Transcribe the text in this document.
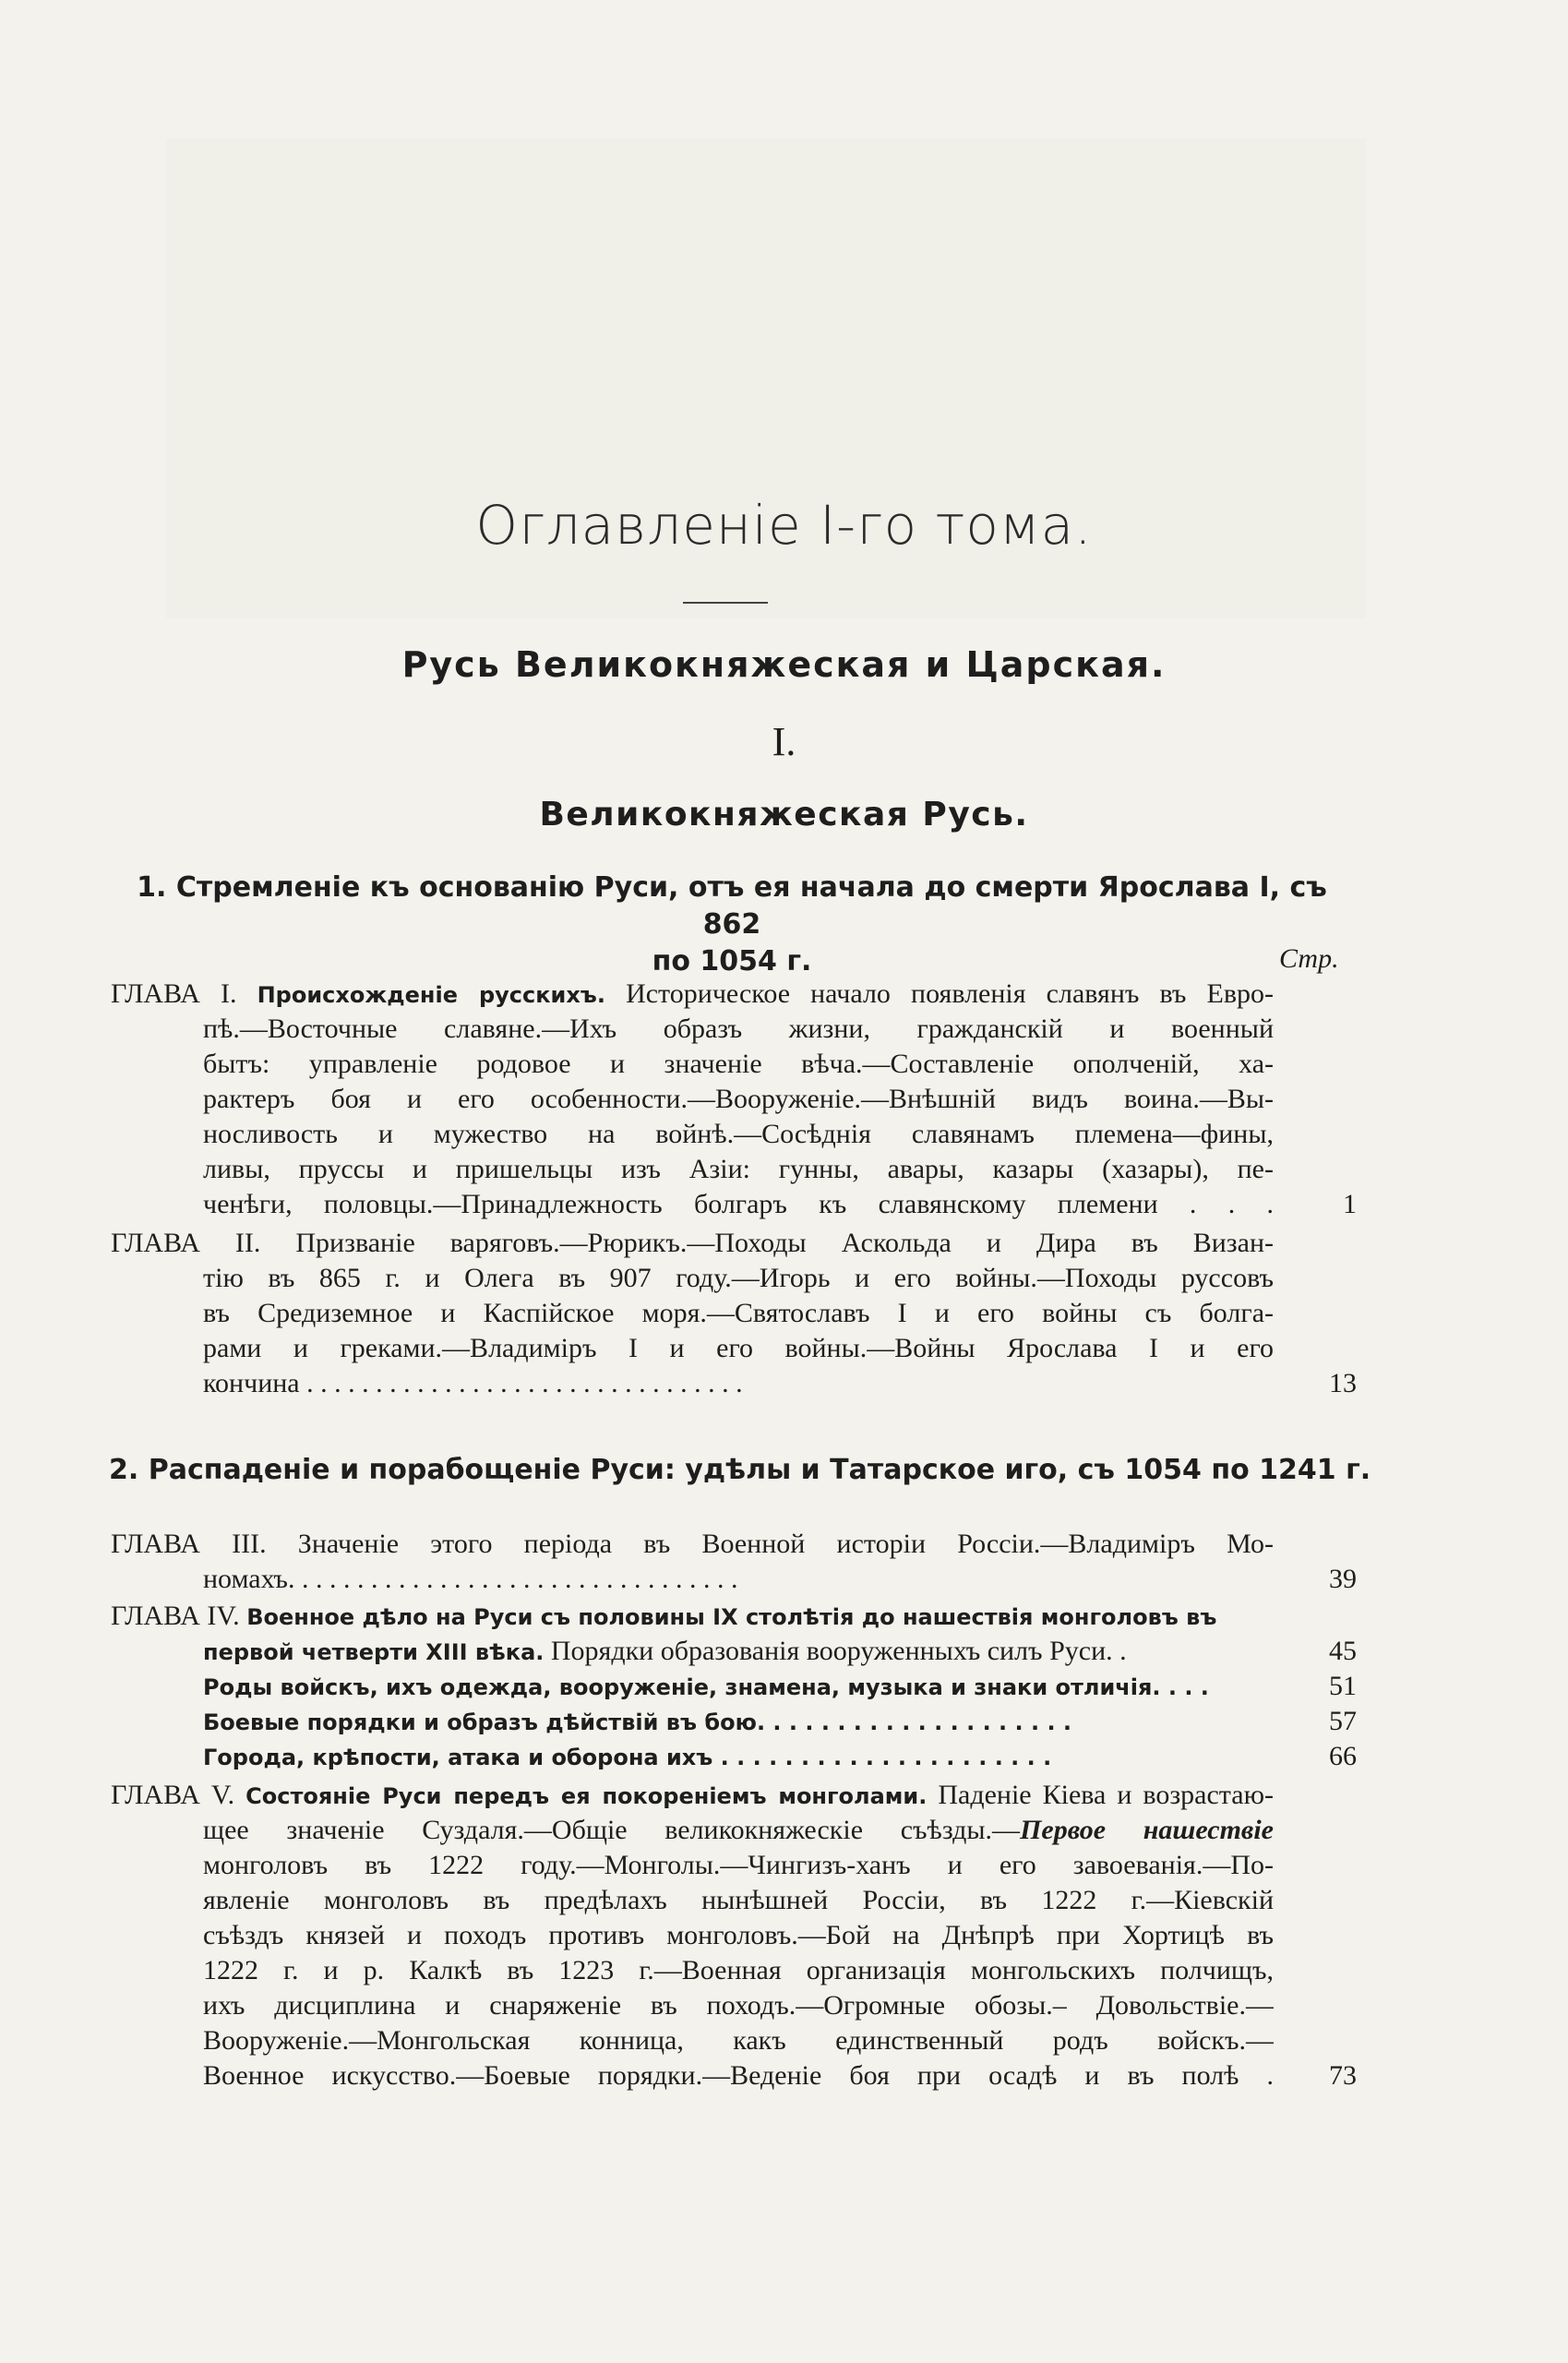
Оглавленіе I-го тома.
Русь Великокняжеская и Царская.
I.
Великокняжеская Русь.
1. Стремленіе къ основанію Руси, отъ ея начала до смерти Ярослава I, съ 862
по 1054 г.	Стр.
ГЛАВА I. Происхожденіе русскихъ. Историческое начало появленія славянъ въ Евро-
пѣ.—Восточные славяне.—Ихъ образъ жизни, гражданскій и военный
бытъ: управленіе родовое и значеніе вѣча.—Составленіе ополченій, ха-
рактеръ боя и его особенности.—Вооруженіе.—Внѣшній видъ воина.—Вы-
носливость и мужество на войнѣ.—Сосѣднія славянамъ племена—фины,
ливы, пруссы и пришельцы изъ Азіи: гунны, авары, казары (хазары), пе-
ченѣги, половцы.—Принадлежность болгаръ къ славянскому племени . . .	1
ГЛАВА II. Призваніе варяговъ.—Рюрикъ.—Походы Аскольда и Дира въ Визан-
тію въ 865 г. и Олега въ 907 году.—Игорь и его войны.—Походы руссовъ
въ Средиземное и Каспійское моря.—Святославъ I и его войны съ болга-
рами и греками.—Владиміръ I и его войны.—Войны Ярослава I и его
кончина . . . . . . . . . . . . . . . . . . . . . . . . . . . . . . . .	13
2. Распаденіе и порабощеніе Руси: удѣлы и Татарское иго, съ 1054 по 1241 г.
ГЛАВА III. Значеніе этого періода въ Военной исторіи Россіи.—Владиміръ Мо-
номахъ. . . . . . . . . . . . . . . . . . . . . . . . . . . . . . . . .	39
ГЛАВА IV. Военное дѣло на Руси съ половины IX столѣтія до нашествія монголовъ въ
первой четверти XIII вѣка. Порядки образованія вооруженныхъ силъ Руси. .	45
Роды войскъ, ихъ одежда, вооруженіе, знамена, музыка и знаки отличія. . . .	51
Боевые порядки и образъ дѣйствій въ бою. . . . . . . . . . . . . . . . . . . .	57
Города, крѣпости, атака и оборона ихъ . . . . . . . . . . . . . . . . . . . . .	66
ГЛАВА V. Состояніе Руси передъ ея покореніемъ монголами. Паденіе Кіева и возрастаю-
щее значеніе Суздаля.—Общіе великокняжескіе съѣзды.—Первое нашествіе
монголовъ въ 1222 году.—Монголы.—Чингизъ-ханъ и его завоеванія.—По-
явленіе монголовъ въ предѣлахъ нынѣшней Россіи, въ 1222 г.—Кіевскій
съѣздъ князей и походъ противъ монголовъ.—Бой на Днѣпрѣ при Хортицѣ въ
1222 г. и р. Калкѣ въ 1223 г.—Военная организація монгольскихъ полчищъ,
ихъ дисциплина и снаряженіе въ походъ.—Огромные обозы.– Довольствіе.—
Вооруженіе.—Монгольская конница, какъ единственный родъ войскъ.—
Военное искусство.—Боевые порядки.—Веденіе боя при осадѣ и въ полѣ .	73
